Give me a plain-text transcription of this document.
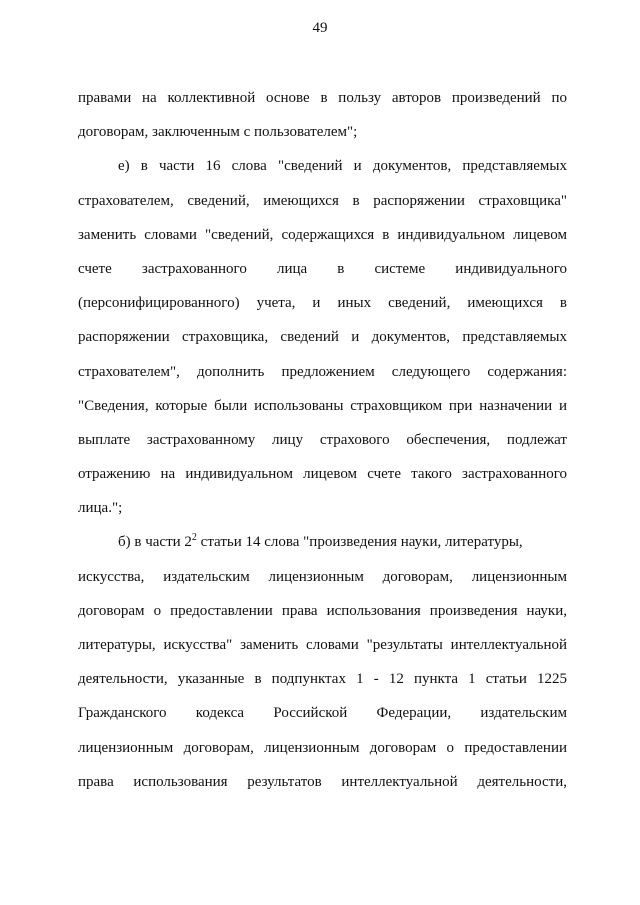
49
правами на коллективной основе в пользу авторов произведений по
договорам, заключенным с пользователем";
е) в части 16 слова "сведений и документов, представляемых
страхователем, сведений, имеющихся в распоряжении страховщика"
заменить словами "сведений, содержащихся в индивидуальном лицевом
счете застрахованного лица в системе индивидуального
(персонифицированного) учета, и иных сведений, имеющихся в
распоряжении страховщика, сведений и документов, представляемых
страхователем", дополнить предложением следующего содержания:
"Сведения, которые были использованы страховщиком при назначении и
выплате застрахованному лицу страхового обеспечения, подлежат
отражению на индивидуальном лицевом счете такого застрахованного
лица.";
б) в части $2^2$ статьи 14 слова "произведения науки, литературы,
искусства, издательским лицензионным договорам, лицензионным
договорам о предоставлении права использования произведения науки,
литературы, искусства" заменить словами "результаты интеллектуальной
деятельности, указанные в подпунктах 1 - 12 пункта 1 статьи 1225
Гражданского кодекса Российской Федерации, издательским
лицензионным договорам, лицензионным договорам о предоставлении
права использования результатов интеллектуальной деятельности,
